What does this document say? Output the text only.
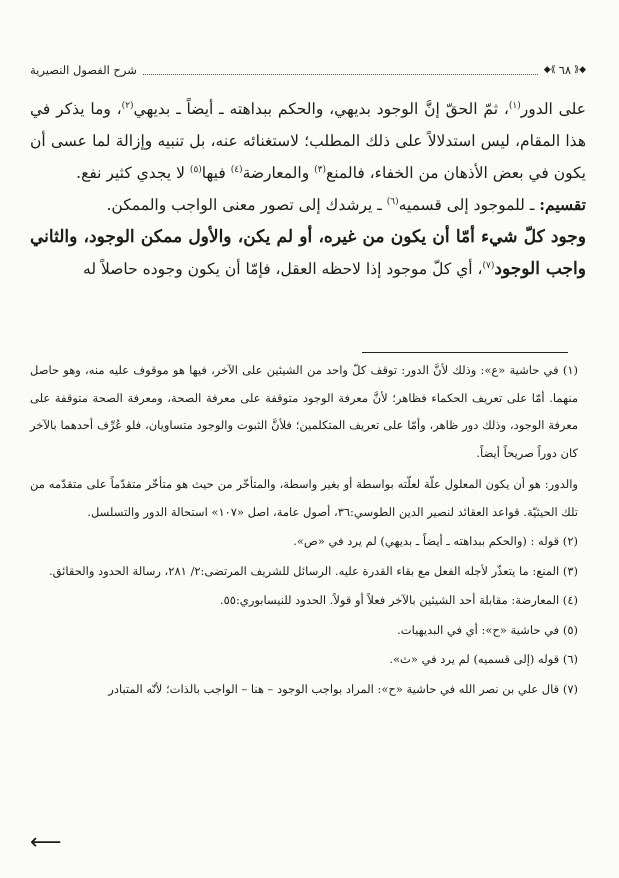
◆⟪
٦٨
⟫◆
شرح الفصول النصيرية

على الدور$^{(١)}$، ثمّ الحقّ إنَّ الوجود بديهي، والحكم ببداهته ـ أيضاً ـ بديهي$^{(٢)}$، وما يذكر في هذا المقام، ليس استدلالاً على ذلك المطلب؛ لاستغنائه عنه، بل تنبيه وإزالة لما عسى أن يكون في بعض الأذهان من الخفاء، فالمنع$^{(٣)}$ والمعارضة$^{(٤)}$ فيها$^{(٥)}$ لا يجدي كثير نفع.

تقسيم: ـ للموجود إلى قسميه$^{(٦)}$ ـ يرشدك إلى تصور معنى الواجب والممكن.

وجود كلّ شيء أمّا أن يكون من غيره، أو لم يكن، والأول ممكن الوجود، والثاني واجب الوجود$^{(٧)}$، أي كلّ موجود إذا لاحظه العقل، فإمّا أن يكون وجوده حاصلاً له

(١) في حاشية «ع»: وذلك لأنَّ الدور: توقف كلّ واحد من الشيئين على الآخر، فيها هو موقوف عليه منه، وهو حاصل منهما. أمّا على تعريف الحكماء فظاهر؛ لأنَّ معرفة الوجود متوقفة على معرفة الصحة، ومعرفة الصحة متوقفة على معرفة الوجود، وذلك دور ظاهر، وأمّا على تعريف المتكلمين؛ فلأنَّ الثبوت والوجود متساويان، فلو عُرِّف أحدهما بالآخر كان دوراً صريحاً أيضاً.

والدور: هو أن يكون المعلول علّة لعلّته بواسطة أو بغير واسطة، والمتأخّر من حيث هو متأخّر متقدّماً على متقدّمه من تلك الحيثيّة. قواعد العقائد لنصير الدين الطوسي:٣٦، أصول عامة، اصل «١٠٧» استحالة الدور والتسلسل.

(٢) قوله : (والحكم ببداهته ـ أيضاً ـ بديهي) لم يرد في «ص».

(٣) المنع: ما يتعذّر لأجله الفعل مع بقاء القدرة عليه. الرسائل للشريف المرتضى:٢/ ٢٨١، رسالة الحدود والحقائق.

(٤) المعارضة: مقابلة أحد الشيئين بالآخر فعلاً أو قولاً. الحدود للنيسابوري:٥٥.

(٥) في حاشية «ح»: أي في البديهيات.

(٦) قوله (إلى قسميه) لم يرد في «ث».

(٧) قال علي بن نصر الله في حاشية «ح»: المراد بواجب الوجود – هنا – الواجب بالذات؛ لأنّه المتبادر

⟵
